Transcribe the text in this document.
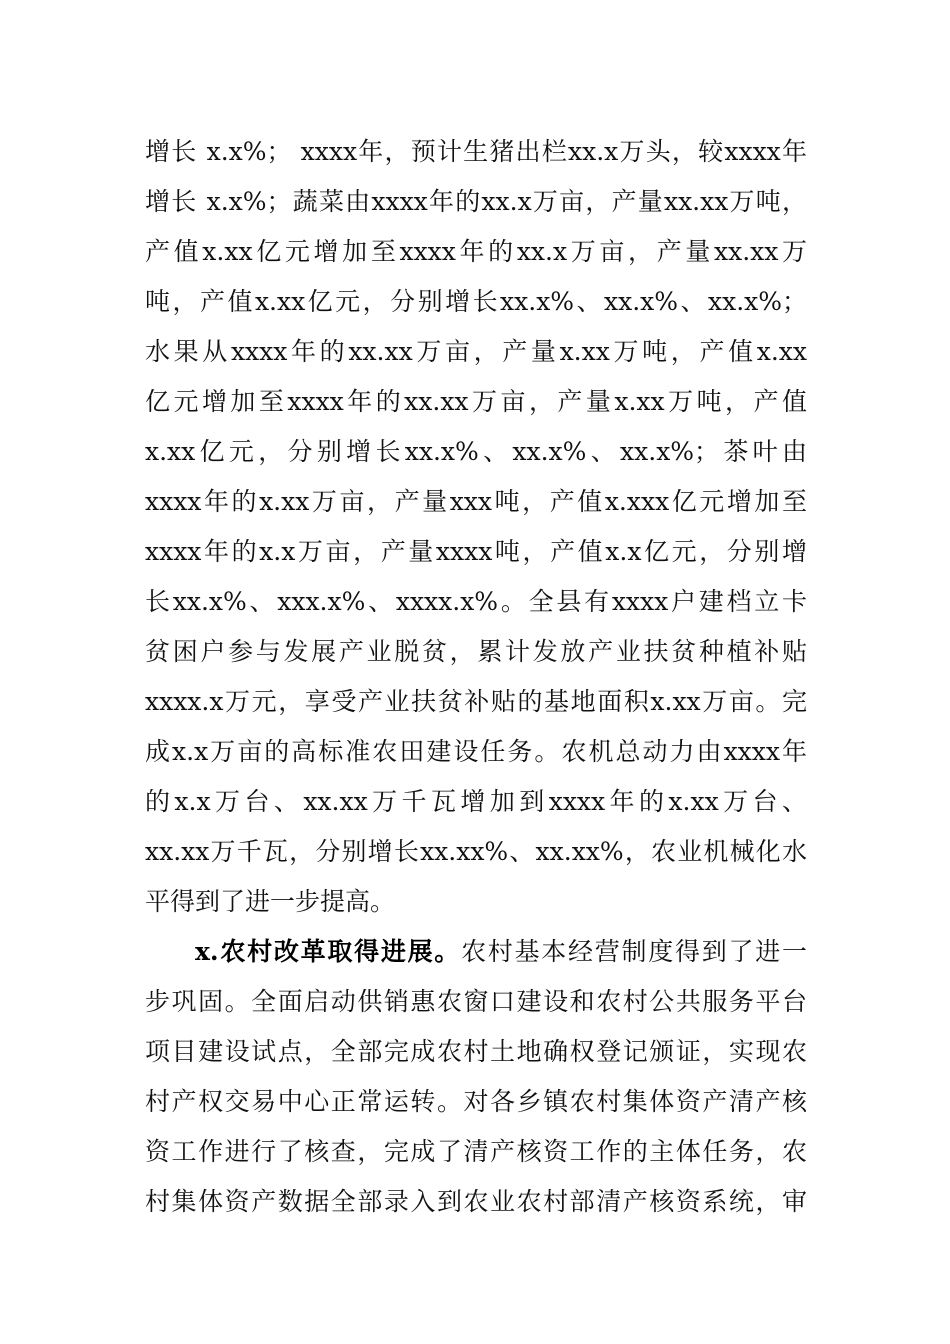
增长 x.x%； xxxx年，预计生猪出栏xx.x万头，较xxxx年
增长 x.x%；蔬菜由xxxx年的xx.x万亩，产量xx.xx万吨，
产值x.xx亿元增加至xxxx年的xx.x万亩，产量xx.xx万
吨，产值x.xx亿元，分别增长xx.x%、xx.x%、xx.x%；
水果从xxxx年的xx.xx万亩，产量x.xx万吨，产值x.xx
亿元增加至xxxx年的xx.xx万亩，产量x.xx万吨，产值
x.xx亿元，分别增长xx.x%、xx.x%、xx.x%；茶叶由
xxxx年的x.xx万亩，产量xxx吨，产值x.xxx亿元增加至
xxxx年的x.x万亩，产量xxxx吨，产值x.x亿元，分别增
长xx.x%、xxx.x%、xxxx.x%。全县有xxxx户建档立卡
贫困户参与发展产业脱贫，累计发放产业扶贫种植补贴
xxxx.x万元，享受产业扶贫补贴的基地面积x.xx万亩。完
成x.x万亩的高标准农田建设任务。农机总动力由xxxx年
的x.x万台、xx.xx万千瓦增加到xxxx年的x.xx万台、
xx.xx万千瓦，分别增长xx.xx%、xx.xx%，农业机械化水
平得到了进一步提高。
x.农村改革取得进展。农村基本经营制度得到了进一
步巩固。全面启动供销惠农窗口建设和农村公共服务平台
项目建设试点，全部完成农村土地确权登记颁证，实现农
村产权交易中心正常运转。对各乡镇农村集体资产清产核
资工作进行了核查，完成了清产核资工作的主体任务，农
村集体资产数据全部录入到农业农村部清产核资系统，审
